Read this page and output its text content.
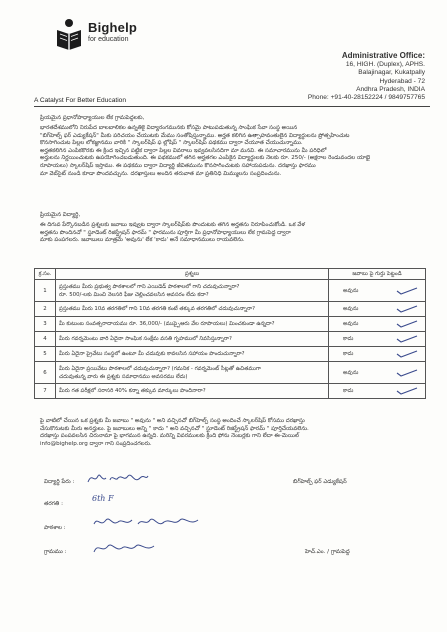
Bighelp
for education
A Catalyst For Better Education
Administrative Office:
16, HIGH. (Duplex), APHS.
Balajinagar, Kukatpally
Hyderabad - 72
Andhra Pradesh, INDIA
Phone: +91-40-28152224 / 9849757765
ప్రియమైన ప్రధానోపాధ్యాయుల లేక గ్రామపెద్దలకు,
భారతదేశములోని నిరుపేద బాలబాలికల ఉన్నతికై విద్యారంగమునకు కోసమై పాటుపడుతున్న సాంఘిక సేవా సంస్థ అయిన
"బిగ్‌హెల్ప్ ఫర్ ఎడ్యుకేషన్" మీకు పరిచయం చేయుటకు మేము సంతోషిస్తున్నాము. అర్హత కలిగిన ఉత్సాహవంతులైన విద్యార్థులను ప్రోత్సహించుట
కొనసాగించుట పిల్లల లోకజ్ఞానము వారికి " స్కాలర్‌షిప్ ఫ ల్లోషిప్ " స్కాలర్‌షిప్ పథకము ద్వారా చేయూత చేయుచున్నాము.
అర్హతకలిగిన ఎంపికకొరకు ఈ క్రింద ఇచ్చిన పట్టిక ద్వారా పిల్లల వివరాలు ఇవ్వవలసినదిగా మా మనవి. ఈ సమాచారమును మీ పరిధిలో
అర్హులను నిర్ణయించుటకు ఉపయోగించబడుతుంది. ఈ పథకములో తగిన అర్హతగల ఎంపికైన విద్యార్థులకు నెలకు రూ. 250/- (అక్షరాల రెండువందల యాభై
రూపాయలు) స్కాలర్‌షిప్ ఇస్తాము. ఈ పథకము ద్వారా విద్యార్థి జీవితమును కొనసాగించుటకు సహాయపడును. దరఖాస్తు ఫారము
మా వెబ్‌సైట్ నుండి కూడా పొందవచ్చును. దరఖాస్తులు అందిన తరువాత మా ప్రతినిధి మిమ్ములను సంప్రదించును.
ప్రియమైన విద్యార్థి,
ఈ దిగువ పేర్కొనబడిన ప్రశ్నలకు జవాబు ఇవ్వుట ద్వారా స్కాలర్‌షిప్‌కు పొందుటకు తగిన అర్హతను నిరూపించుకోండి. ఒక వేళ
అర్హతను పొందినచో " స్టూడెంట్ రిజిస్ట్రేషన్ ఫారమ్ " ఫారమును పూర్తిగా మీ ప్రధానోపాధ్యాయులు లేక గ్రామపెద్ద ద్వారా
మాకు పంపగలరు. జవాబులు మాత్రమే 'అవును' లేక 'కాదు' అనే సమాధానములు రాయవలెను.
క్ర.సం.	ప్రశ్నలు	జవాబు పై గుర్తు పెట్టండి
1	ప్రస్తుతము మీరు ప్రభుత్వ పాఠశాలలో గాని ఎయిడెడ్ పాఠశాలలో గాని చదువుచున్నారా?
రూ. 500/-లకు మించి నెలసరి ఫీజు చెల్లించవలసిన అవసరం లేదు కదా?	అవును

2	ప్రస్తుతము మీరు 10వ తరగతిలో గాని 10వ తరగతి కంటే తక్కువ తరగతిలో చదువుచున్నారా?	అవును

3	మీ కుటుంబ సంవత్సరాదాయము రూ. 36,000/- (ముప్పైఆరు వేల రూపాయలు) మించకుండా ఉన్నదా?	అవును

4	మీరు గవర్నమెంటు వారి ఏదైనా సాంఘిక సంక్షేమ వసతి గృహములో నివసిస్తున్నారా?	కాదు

5	మీరు ఏదైనా ప్రైవేటు సంస్థలో ఉంటూ మీ చదువుకు కావలసిన సహాయం పొందుచున్నారా?	కాదు

6	మీరు ఏదైనా ప్రయివేటు పాఠశాలలో చదువుచున్నారా? (గమనిక - గవర్నమెంట్ సీట్లతో ఉచితముగా
చదువుతున్న వారు ఈ ప్రశ్నకు సమాధానము అవసరము లేదు)	అవును

7	మీరు గత పరీక్షలో సరాసరి 40% కన్నా తక్కువ మార్కులు పొందినారా?	కాదు
పై వాటిలో చేయిన ఒక ప్రశ్నకు మీ జవాబు " అవును " అని వచ్చినచో బిగ్‌హెల్ప్ సంస్థ అందించే స్కాలర్‌షిప్ కోసము దరఖాస్తు
చేసుకొనుటకు మీరు అనర్హులు. పై జవాబులు అన్ని " కాదు " అని వచ్చినచో " స్టూడెంట్ రిజిస్ట్రేషన్ ఫారమ్ " పూర్తిచేయవలెను.
దరఖాస్తు పంపవలసిన చిరునామా పై భాగమున ఉన్నది. మరిన్ని వివరములకు క్రింది ఫోను నెంబర్లకు గాని లేదా ఈ-మెయిల్
info@bighelp.org ద్వారా గాని సంప్రదించగలరు.
విద్యార్థి పేరు :	బిగ్‌హెల్ప్ ఫర్ ఎడ్యుకేషన్
తరగతి :
6th F
పాఠశాల :
గ్రామము :	హెచ్.ఎం. / గ్రామపెద్ద
